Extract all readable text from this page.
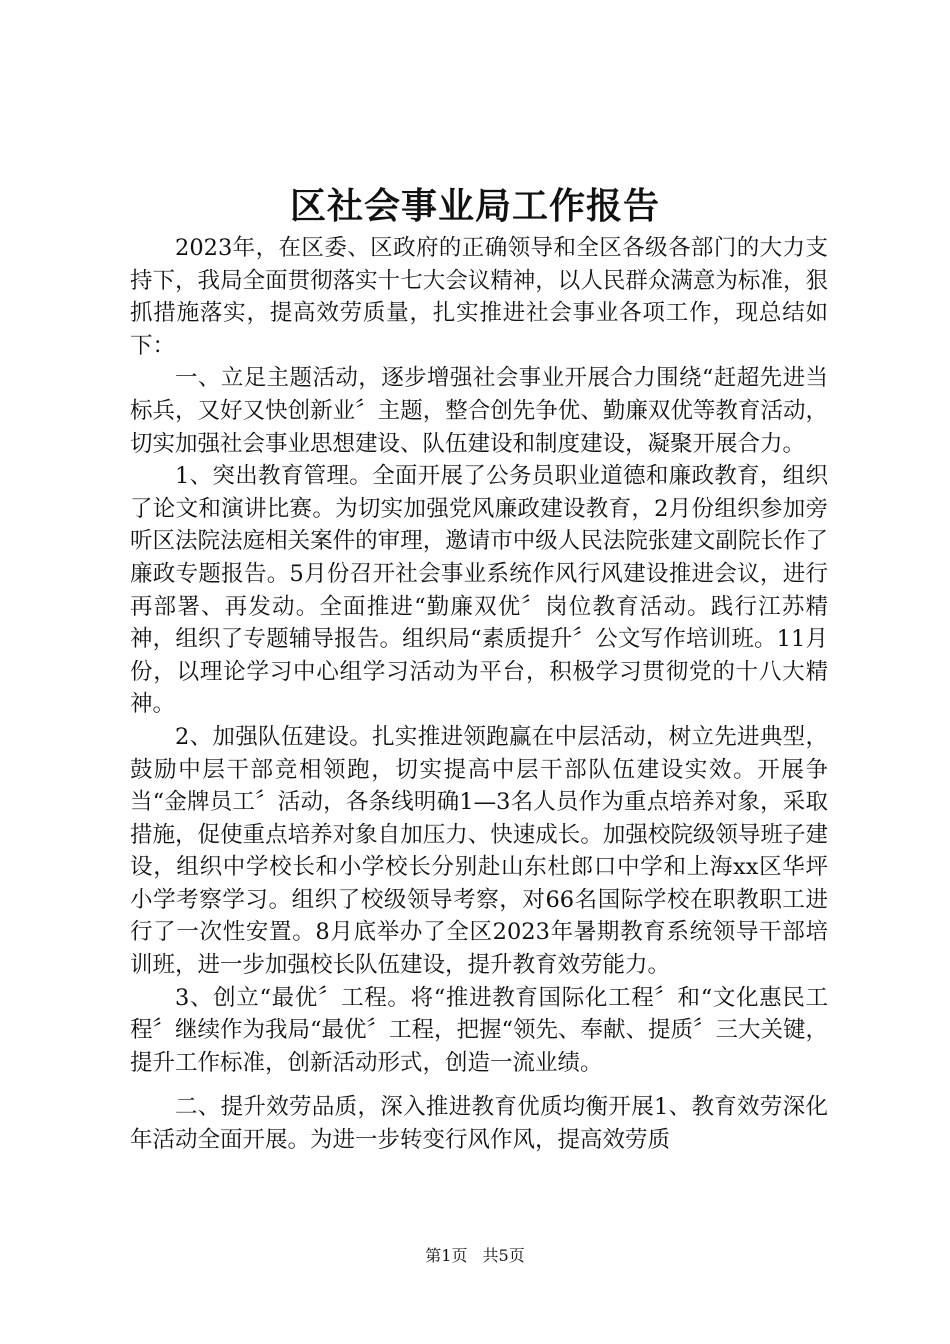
区社会事业局工作报告

2023年，在区委、区政府的正确领导和全区各级各部门的大力支持下，我局全面贯彻落实十七大会议精神，以人民群众满意为标准，狠抓措施落实，提高效劳质量，扎实推进社会事业各项工作，现总结如下：

一、立足主题活动，逐步增强社会事业开展合力围绕“赶超先进当标兵，又好又快创新业〞主题，整合创先争优、勤廉双优等教育活动，切实加强社会事业思想建设、队伍建设和制度建设，凝聚开展合力。

1、突出教育管理。全面开展了公务员职业道德和廉政教育，组织了论文和演讲比赛。为切实加强党风廉政建设教育，2月份组织参加旁听区法院法庭相关案件的审理，邀请市中级人民法院张建文副院长作了廉政专题报告。5月份召开社会事业系统作风行风建设推进会议，进行再部署、再发动。全面推进“勤廉双优〞岗位教育活动。践行江苏精神，组织了专题辅导报告。组织局“素质提升〞公文写作培训班。11月份，以理论学习中心组学习活动为平台，积极学习贯彻党的十八大精神。

2、加强队伍建设。扎实推进领跑赢在中层活动，树立先进典型，鼓励中层干部竞相领跑，切实提高中层干部队伍建设实效。开展争当“金牌员工〞活动，各条线明确1—3名人员作为重点培养对象，采取措施，促使重点培养对象自加压力、快速成长。加强校院级领导班子建设，组织中学校长和小学校长分别赴山东杜郎口中学和上海xx区华坪小学考察学习。组织了校级领导考察，对66名国际学校在职教职工进行了一次性安置。8月底举办了全区2023年暑期教育系统领导干部培训班，进一步加强校长队伍建设，提升教育效劳能力。

3、创立“最优〞工程。将“推进教育国际化工程〞和“文化惠民工程〞继续作为我局“最优〞工程，把握“领先、奉献、提质〞三大关键，提升工作标准，创新活动形式，创造一流业绩。

二、提升效劳品质，深入推进教育优质均衡开展1、教育效劳深化年活动全面开展。为进一步转变行风作风，提高效劳质

第1页 共5页
